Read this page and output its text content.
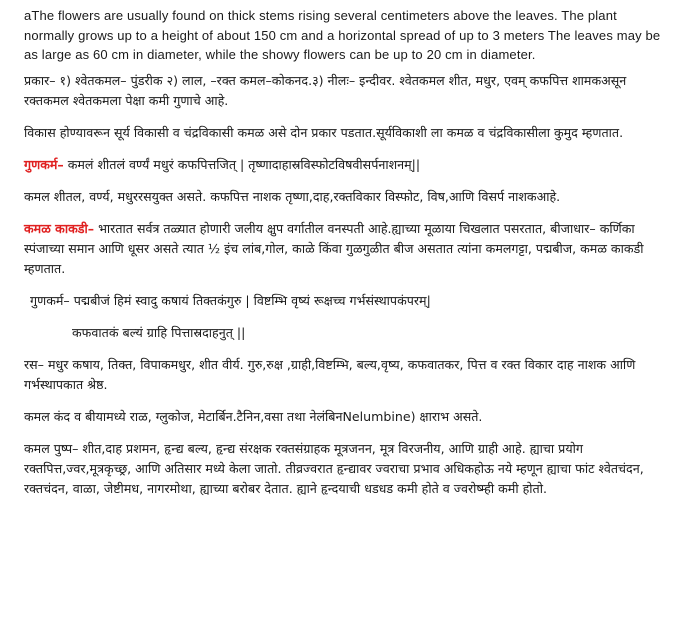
aThe flowers are usually found on thick stems rising several centimeters above the leaves. The plant normally grows up to a height of about 150 cm and a horizontal spread of up to 3 meters The leaves may be as large as 60 cm in diameter, while the showy flowers can be up to 20 cm in diameter.

प्रकार– १) श्वेतकमल– पुंडरीक २) लाल, –रक्त कमल–कोकनद.३) नीलः– इन्दीवर. श्वेतकमल शीत, मधुर, एवम् कफपित्त शामकअसून रक्तकमल श्वेतकमला पेक्षा कमी गुणाचे आहे.

विकास होण्यावरून सूर्य विकासी व चंद्रविकासी कमळ असे दोन प्रकार पडतात.सूर्यविकाशी ला कमळ व चंद्रविकासीला कुमुद म्हणतात.

गुणकर्म– कमलं शीतलं वर्ण्यं मधुरं कफपित्तजित् | तृष्णादाहास्रविस्फोटविषवीसर्पनाशनम्||

कमल शीतल, वर्ण्य, मधुररसयुक्त असते. कफपित्त नाशक तृष्णा,दाह,रक्तविकार विस्फोट, विष,आणि विसर्प नाशकआहे.

कमळ काकडी– भारतात सर्वत्र तळ्यात होणारी जलीय क्षुप वर्गातील वनस्पती आहे.ह्याच्या मूळाया चिखलात पसरतात, बीजाधार– कर्णिका स्पंजाच्या समान आणि धूसर असते त्यात ½ इंच लांब,गोल, काळे किंवा गुळगुळीत बीज असतात त्यांना कमलगट्टा, पद्मबीज, कमळ काकडी म्हणतात.

गुणकर्म– पद्मबीजं हिमं स्वादु कषायं तिक्तकंगुरु | विष्टम्भि वृष्यं रूक्षच्च गर्भसंस्थापकंपरम्|

कफवातकं बल्यं ग्राहि पित्तास्रदाहनुत् ||

रस– मधुर कषाय, तिक्त, विपाकमधुर, शीत वीर्य. गुरु,रुक्ष ,ग्राही,विष्टम्भि, बल्य,वृष्य, कफवातकर, पित्त व रक्त विकार दाह नाशक आणि गर्भस्थापकात श्रेष्ठ.

कमल कंद व बीयामध्ये राळ, ग्लुकोज, मेटार्बिन.टैनिन,वसा तथा नेलंबिनNelumbine) क्षाराभ असते.

कमल पुष्प– शीत,दाह प्रशमन, हृन्द्य बल्य, हृन्द्य संरक्षक रक्तसंग्राहक मूत्रजनन, मूत्र विरजनीय, आणि ग्राही आहे. ह्याचा प्रयोग रक्तपित्त,ज्वर,मूत्रकृच्छ्र, आणि अतिसार मध्ये केला जातो. तीव्रज्वरात हृन्द्यावर ज्वराचा प्रभाव अधिकहोऊ नये म्हणून ह्याचा फांट श्वेतचंदन, रक्तचंदन, वाळा, जेष्टीमध, नागरमोथा, ह्याच्या बरोबर देतात. ह्याने हृन्दयाची धडधड कमी होते व ज्वरोष्म्ही कमी होतो.
